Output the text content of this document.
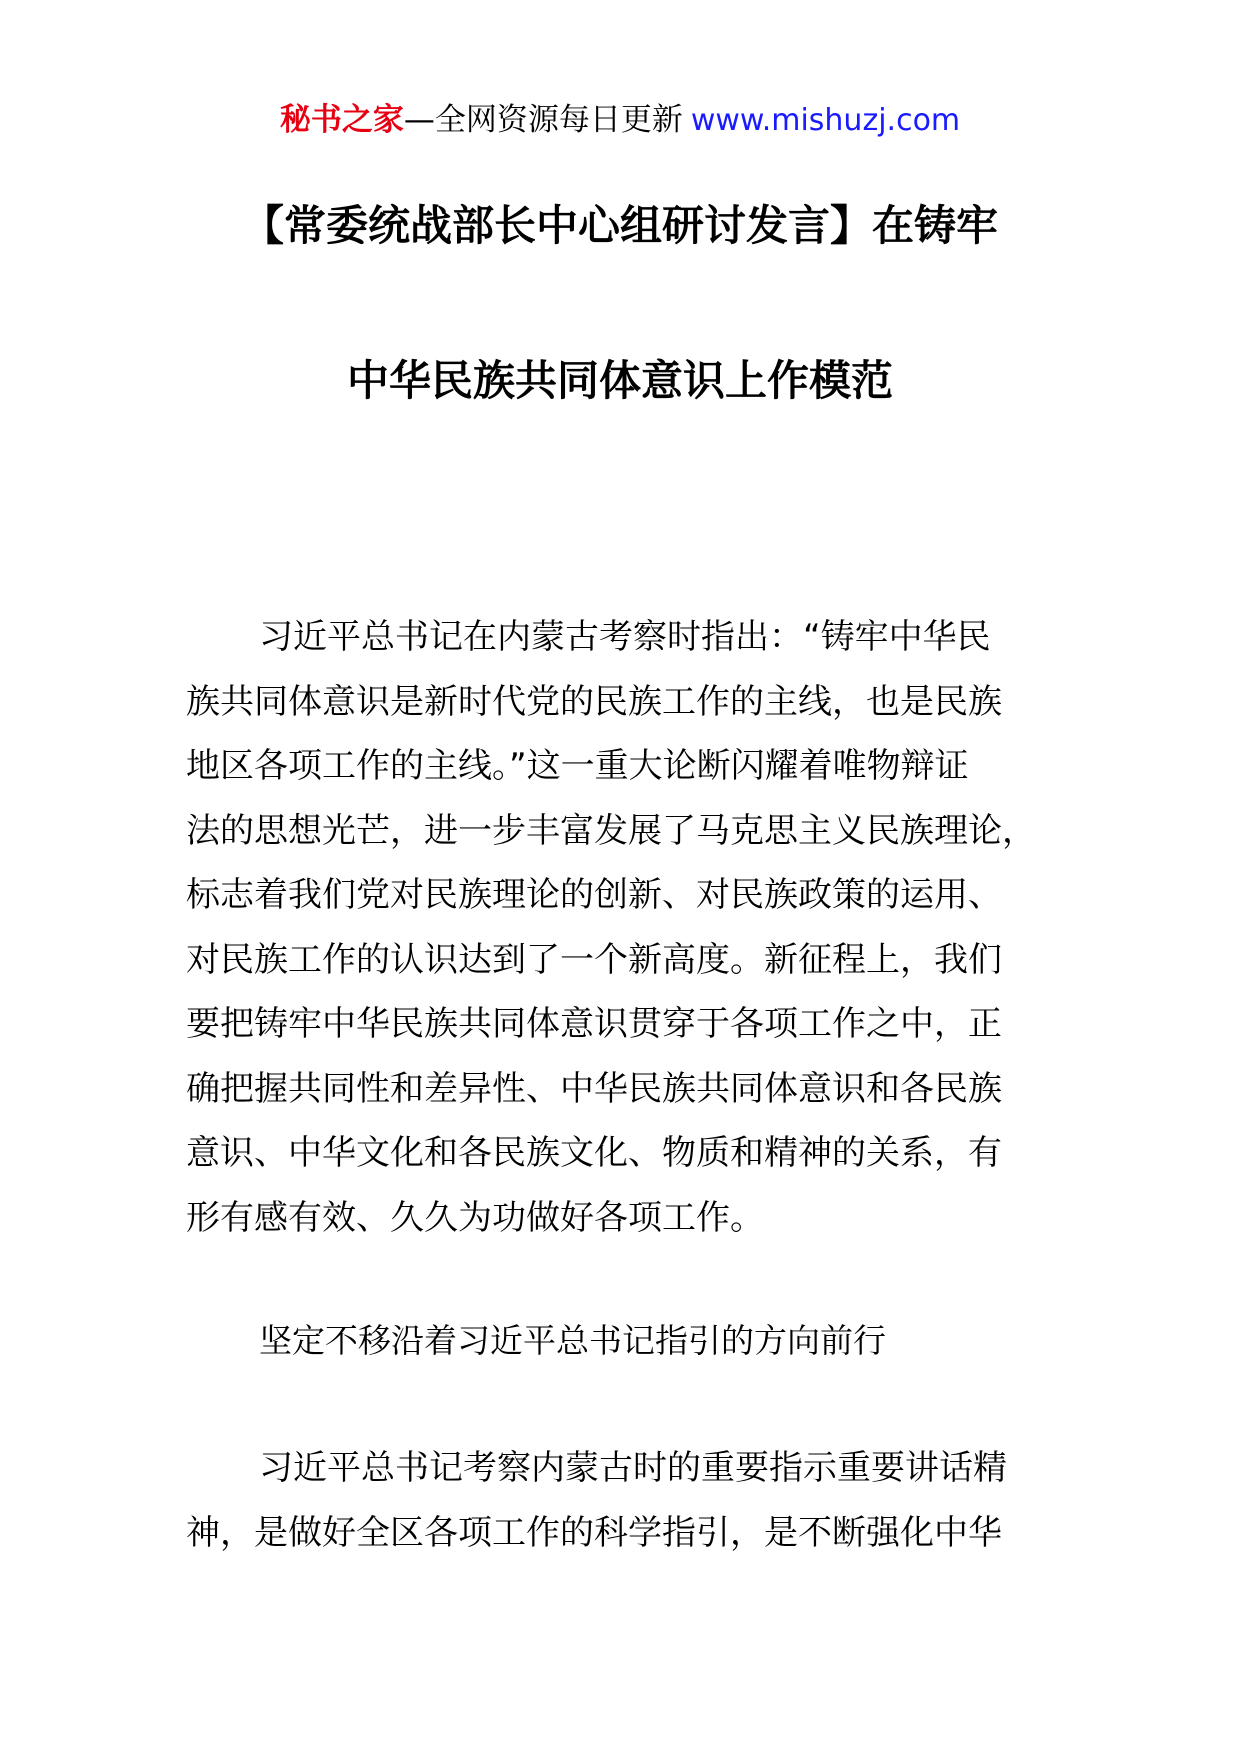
秘书之家—全网资源每日更新 www.mishuzj.com
【常委统战部长中心组研讨发言】在铸牢
中华民族共同体意识上作模范
习近平总书记在内蒙古考察时指出：“铸牢中华民
族共同体意识是新时代党的民族工作的主线，也是民族
地区各项工作的主线。”这一重大论断闪耀着唯物辩证
法的思想光芒，进一步丰富发展了马克思主义民族理论，
标志着我们党对民族理论的创新、对民族政策的运用、
对民族工作的认识达到了一个新高度。新征程上，我们
要把铸牢中华民族共同体意识贯穿于各项工作之中，正
确把握共同性和差异性、中华民族共同体意识和各民族
意识、中华文化和各民族文化、物质和精神的关系，有
形有感有效、久久为功做好各项工作。
坚定不移沿着习近平总书记指引的方向前行
习近平总书记考察内蒙古时的重要指示重要讲话精
神，是做好全区各项工作的科学指引，是不断强化中华
